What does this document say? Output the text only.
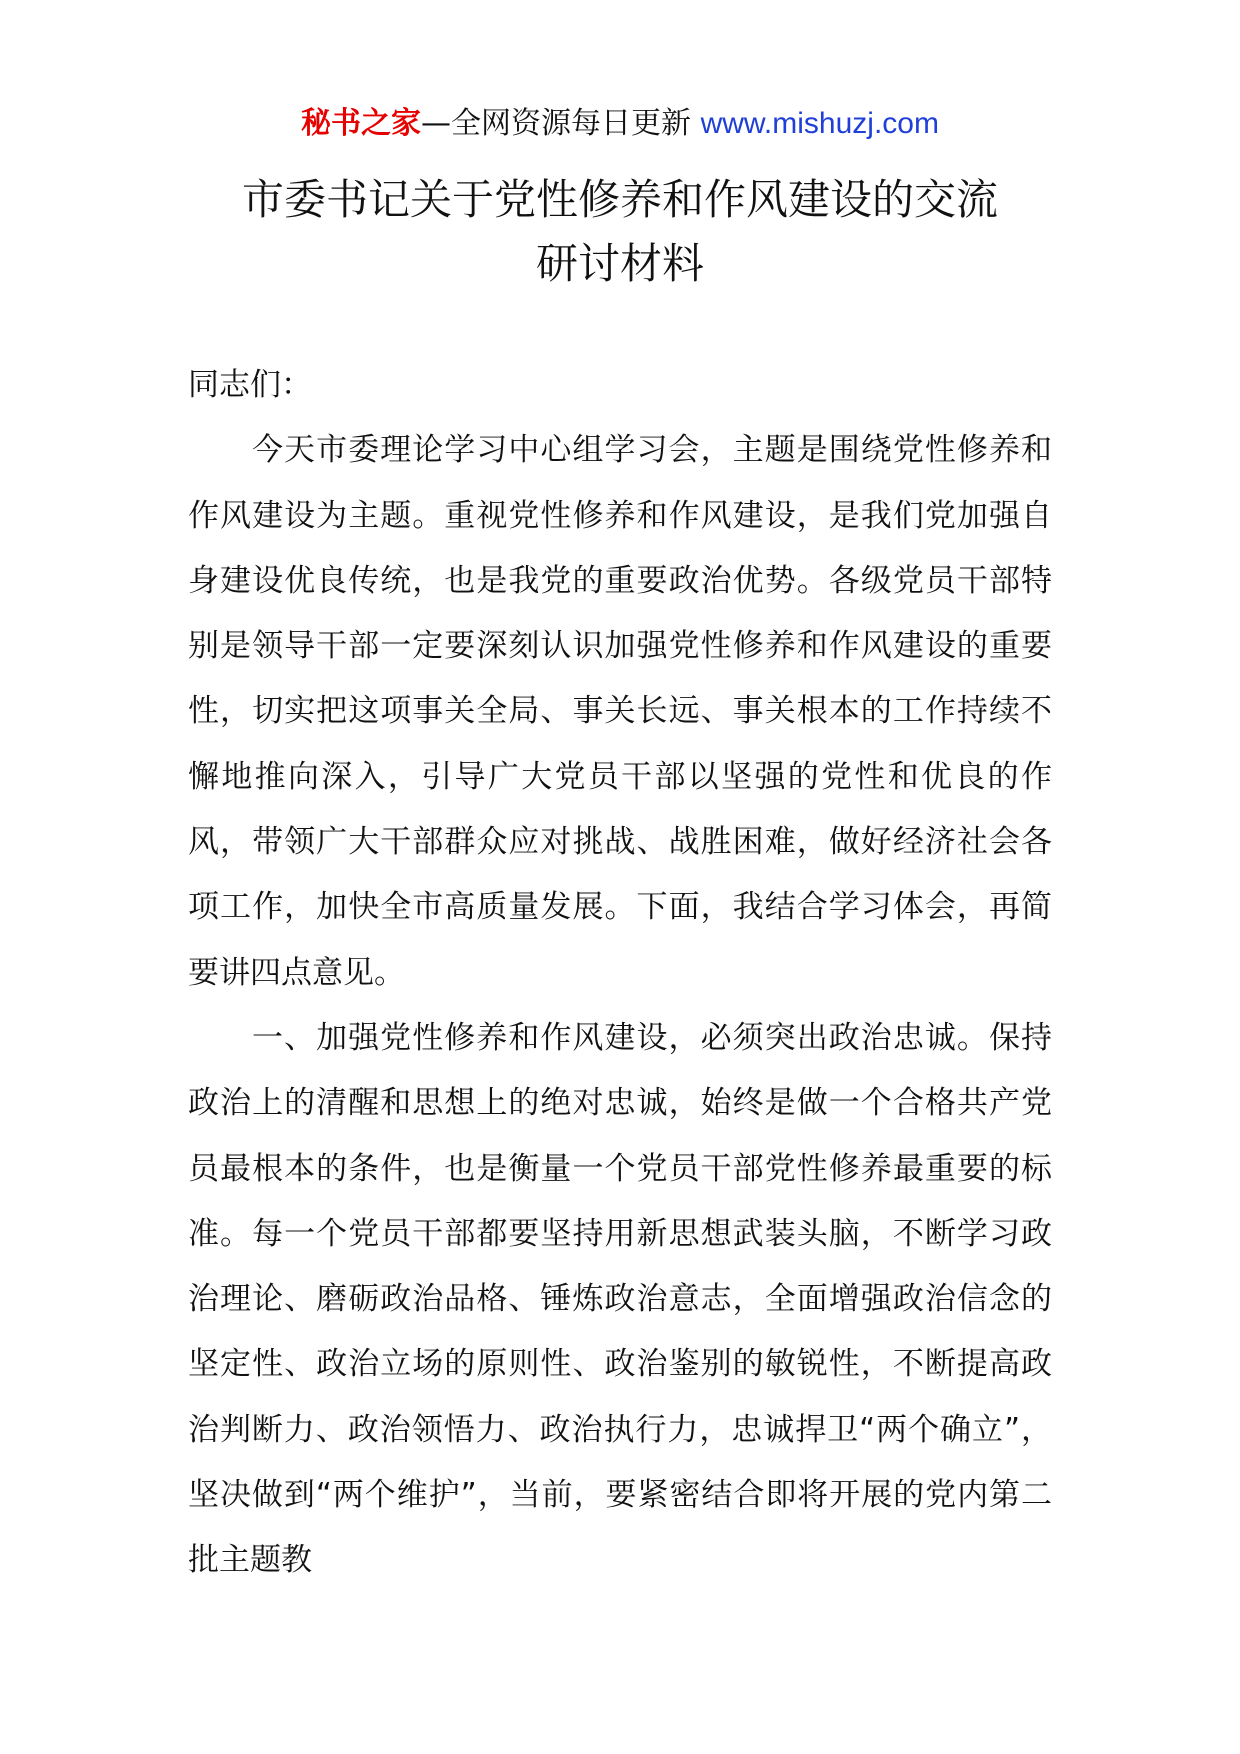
秘书之家—全网资源每日更新 www.mishuzj.com
市委书记关于党性修养和作风建设的交流
研讨材料

同志们：

今天市委理论学习中心组学习会，主题是围绕党性修养和作风建设为主题。重视党性修养和作风建设，是我们党加强自身建设优良传统，也是我党的重要政治优势。各级党员干部特别是领导干部一定要深刻认识加强党性修养和作风建设的重要性，切实把这项事关全局、事关长远、事关根本的工作持续不懈地推向深入，引导广大党员干部以坚强的党性和优良的作风，带领广大干部群众应对挑战、战胜困难，做好经济社会各项工作，加快全市高质量发展。下面，我结合学习体会，再简要讲四点意见。

一、加强党性修养和作风建设，必须突出政治忠诚。保持政治上的清醒和思想上的绝对忠诚，始终是做一个合格共产党员最根本的条件，也是衡量一个党员干部党性修养最重要的标准。每一个党员干部都要坚持用新思想武装头脑，不断学习政治理论、磨砺政治品格、锤炼政治意志，全面增强政治信念的坚定性、政治立场的原则性、政治鉴别的敏锐性，不断提高政治判断力、政治领悟力、政治执行力，忠诚捍卫“两个确立”，坚决做到“两个维护”，当前，要紧密结合即将开展的党内第二批主题教
